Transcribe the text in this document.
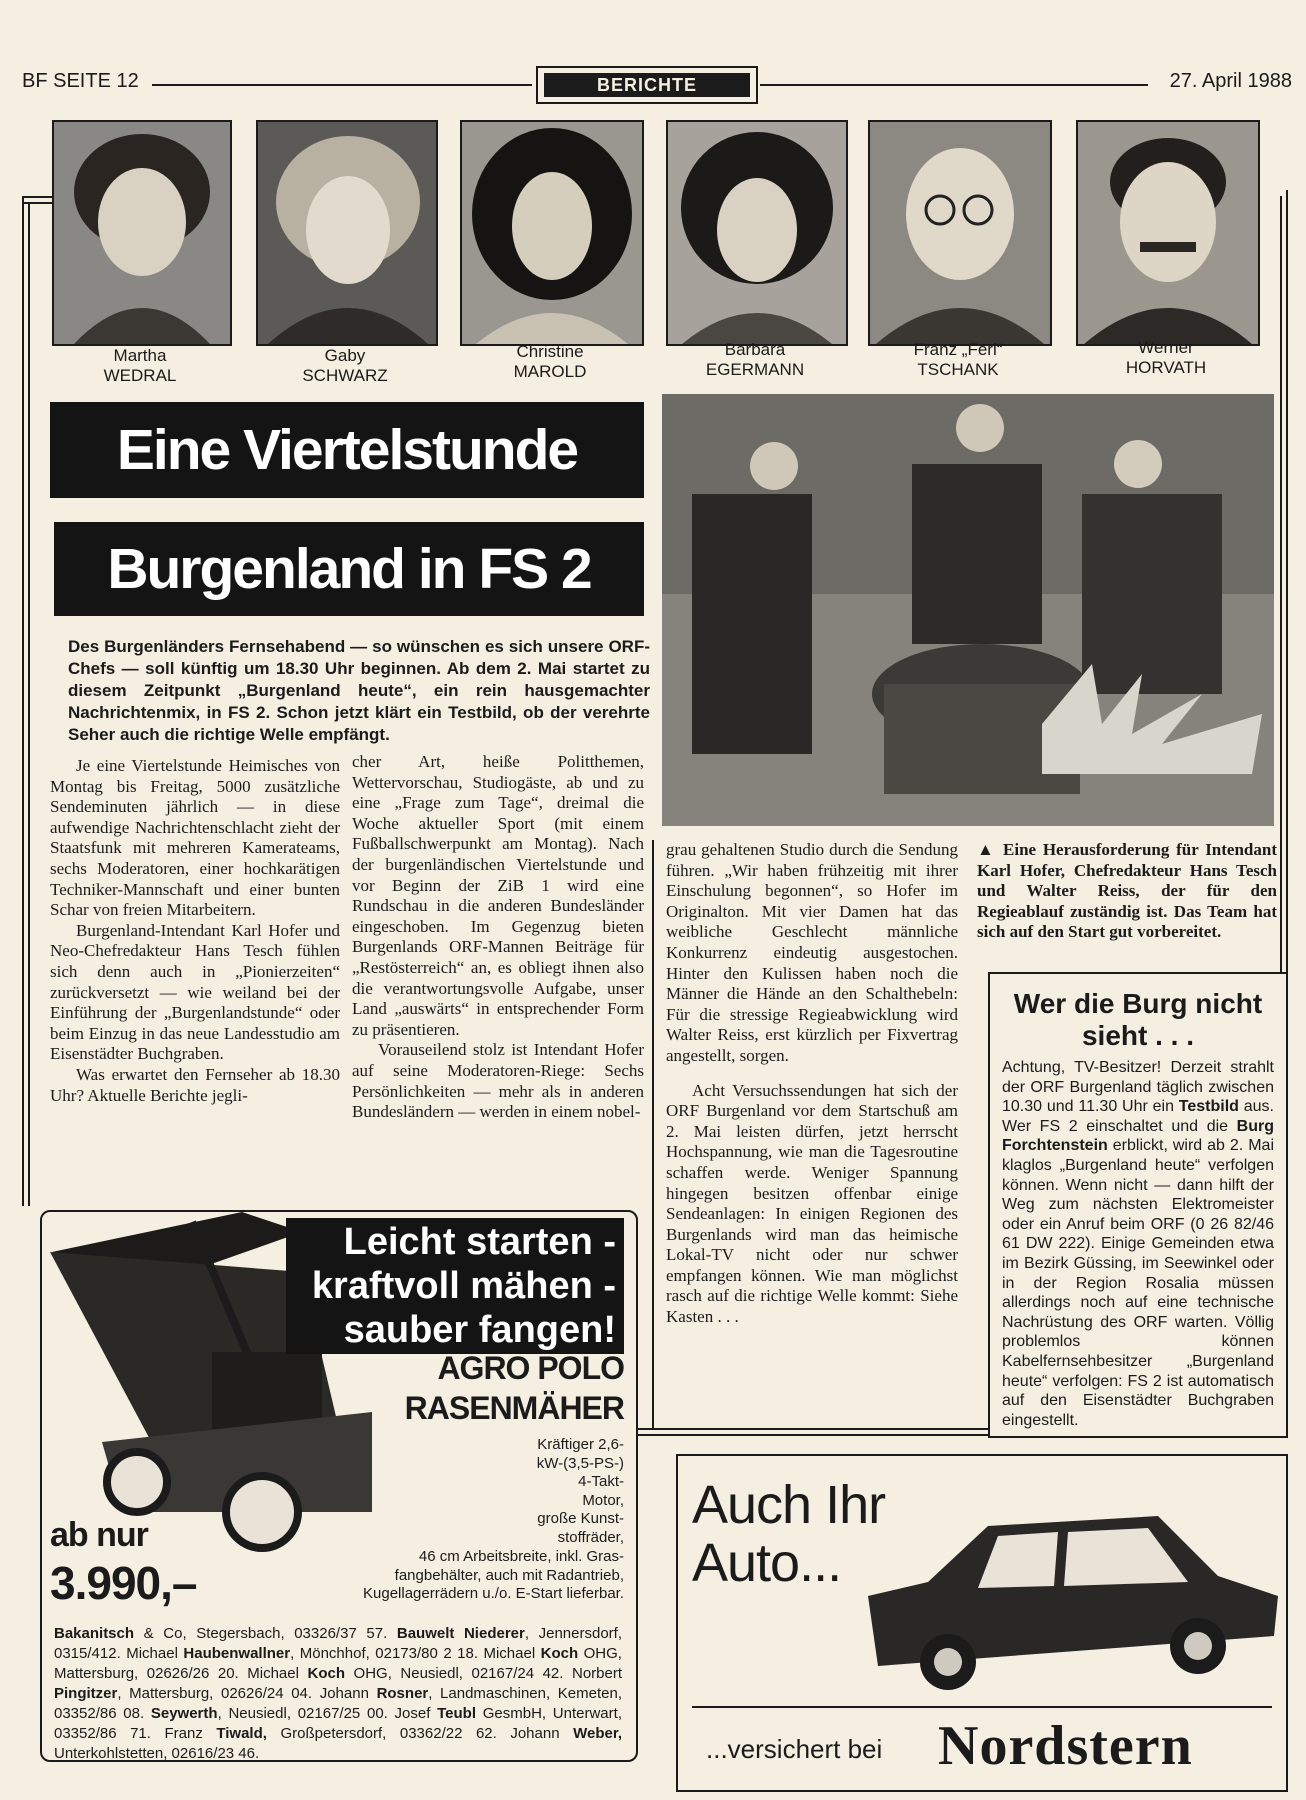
BF SEITE 12	BERICHTE	27. April 1988
Martha
WEDRAL
Gaby
SCHWARZ
Christine
MAROLD
Barbara
EGERMANN
Franz „Feri“
TSCHANK
Werner
HORVATH
Eine Viertelstunde
Burgenland in FS 2
Des Burgenländers Fernsehabend — so wünschen es sich unsere ORF-Chefs — soll künftig um 18.30 Uhr beginnen. Ab dem 2. Mai startet zu diesem Zeitpunkt „Burgenland heute“, ein rein hausgemachter Nachrichtenmix, in FS 2. Schon jetzt klärt ein Testbild, ob der verehrte Seher auch die richtige Welle empfängt.

Je eine Viertelstunde Heimisches von Montag bis Freitag, 5000 zusätzliche Sendeminuten jährlich — in diese aufwendige Nachrichtenschlacht zieht der Staatsfunk mit mehreren Kamerateams, sechs Moderatoren, einer hochkarätigen Techniker-Mannschaft und einer bunten Schar von freien Mitarbeitern.

Burgenland-Intendant Karl Hofer und Neo-Chefredakteur Hans Tesch fühlen sich denn auch in „Pionierzeiten“ zurückversetzt — wie weiland bei der Einführung der „Burgenlandstunde“ oder beim Einzug in das neue Landesstudio am Eisenstädter Buchgraben.

Was erwartet den Fernseher ab 18.30 Uhr? Aktuelle Berichte jegli-

cher Art, heiße Politthemen, Wettervorschau, Studiogäste, ab und zu eine „Frage zum Tage“, dreimal die Woche aktueller Sport (mit einem Fußballschwerpunkt am Montag). Nach der burgenländischen Viertelstunde und vor Beginn der ZiB 1 wird eine Rundschau in die anderen Bundesländer eingeschoben. Im Gegenzug bieten Burgenlands ORF-Mannen Beiträge für „Restösterreich“ an, es obliegt ihnen also die verantwortungsvolle Aufgabe, unser Land „auswärts“ in entsprechender Form zu präsentieren.

Vorauseilend stolz ist Intendant Hofer auf seine Moderatoren-Riege: Sechs Persönlichkeiten — mehr als in anderen Bundesländern — werden in einem nobel-

grau gehaltenen Studio durch die Sendung führen. „Wir haben frühzeitig mit ihrer Einschulung begonnen“, so Hofer im Originalton. Mit vier Damen hat das weibliche Geschlecht männliche Konkurrenz eindeutig ausgestochen. Hinter den Kulissen haben noch die Männer die Hände an den Schalthebeln: Für die stressige Regieabwicklung wird Walter Reiss, erst kürzlich per Fixvertrag angestellt, sorgen.

Acht Versuchssendungen hat sich der ORF Burgenland vor dem Startschuß am 2. Mai leisten dürfen, jetzt herrscht Hochspannung, wie man die Tagesroutine schaffen werde. Weniger Spannung hingegen besitzen offenbar einige Sendeanlagen: In einigen Regionen des Burgenlands wird man das heimische Lokal-TV nicht oder nur schwer empfangen können. Wie man möglichst rasch auf die richtige Welle kommt: Siehe Kasten . . .

▲ Eine Herausforderung für Intendant Karl Hofer, Chefredakteur Hans Tesch und Walter Reiss, der für den Regieablauf zuständig ist. Das Team hat sich auf den Start gut vorbereitet.
Wer die Burg nicht sieht . . .
Achtung, TV-Besitzer! Derzeit strahlt der ORF Burgenland täglich zwischen 10.30 und 11.30 Uhr ein Testbild aus. Wer FS 2 einschaltet und die Burg Forchtenstein erblickt, wird ab 2. Mai klaglos „Burgenland heute“ verfolgen können. Wenn nicht — dann hilft der Weg zum nächsten Elektromeister oder ein Anruf beim ORF (0 26 82/46 61 DW 222). Einige Gemeinden etwa im Bezirk Güssing, im Seewinkel oder in der Region Rosalia müssen allerdings noch auf eine technische Nachrüstung des ORF warten. Völlig problemlos können Kabelfernsehbesitzer „Burgenland heute“ verfolgen: FS 2 ist automatisch auf den Eisenstädter Buchgraben eingestellt.
Leicht starten -
kraftvoll mähen -
sauber fangen!
AGRO POLO
RASENMÄHER
Kräftiger 2,6-
kW-(3,5-PS-)
4-Takt-
Motor,
große Kunst-
stoffräder,
46 cm Arbeitsbreite, inkl. Gras-
fangbehälter, auch mit Radantrieb,
Kugellagerrädern u./o. E-Start lieferbar.
ab nur
3.990,–
Bakanitsch & Co, Stegersbach, 03326/37 57. Bauwelt Niederer, Jennersdorf, 0315/412. Michael Haubenwallner, Mönchhof, 02173/80 2 18. Michael Koch OHG, Mattersburg, 02626/26 20. Michael Koch OHG, Neusiedl, 02167/24 42. Norbert Pingitzer, Mattersburg, 02626/24 04. Johann Rosner, Landmaschinen, Kemeten, 03352/86 08. Seywerth, Neusiedl, 02167/25 00. Josef Teubl GesmbH, Unterwart, 03352/86 71. Franz Tiwald, Großpetersdorf, 03362/22 62. Johann Weber, Unterkohlstetten, 02616/23 46.
Auch Ihr
Auto...
...versichert bei Nordstern
